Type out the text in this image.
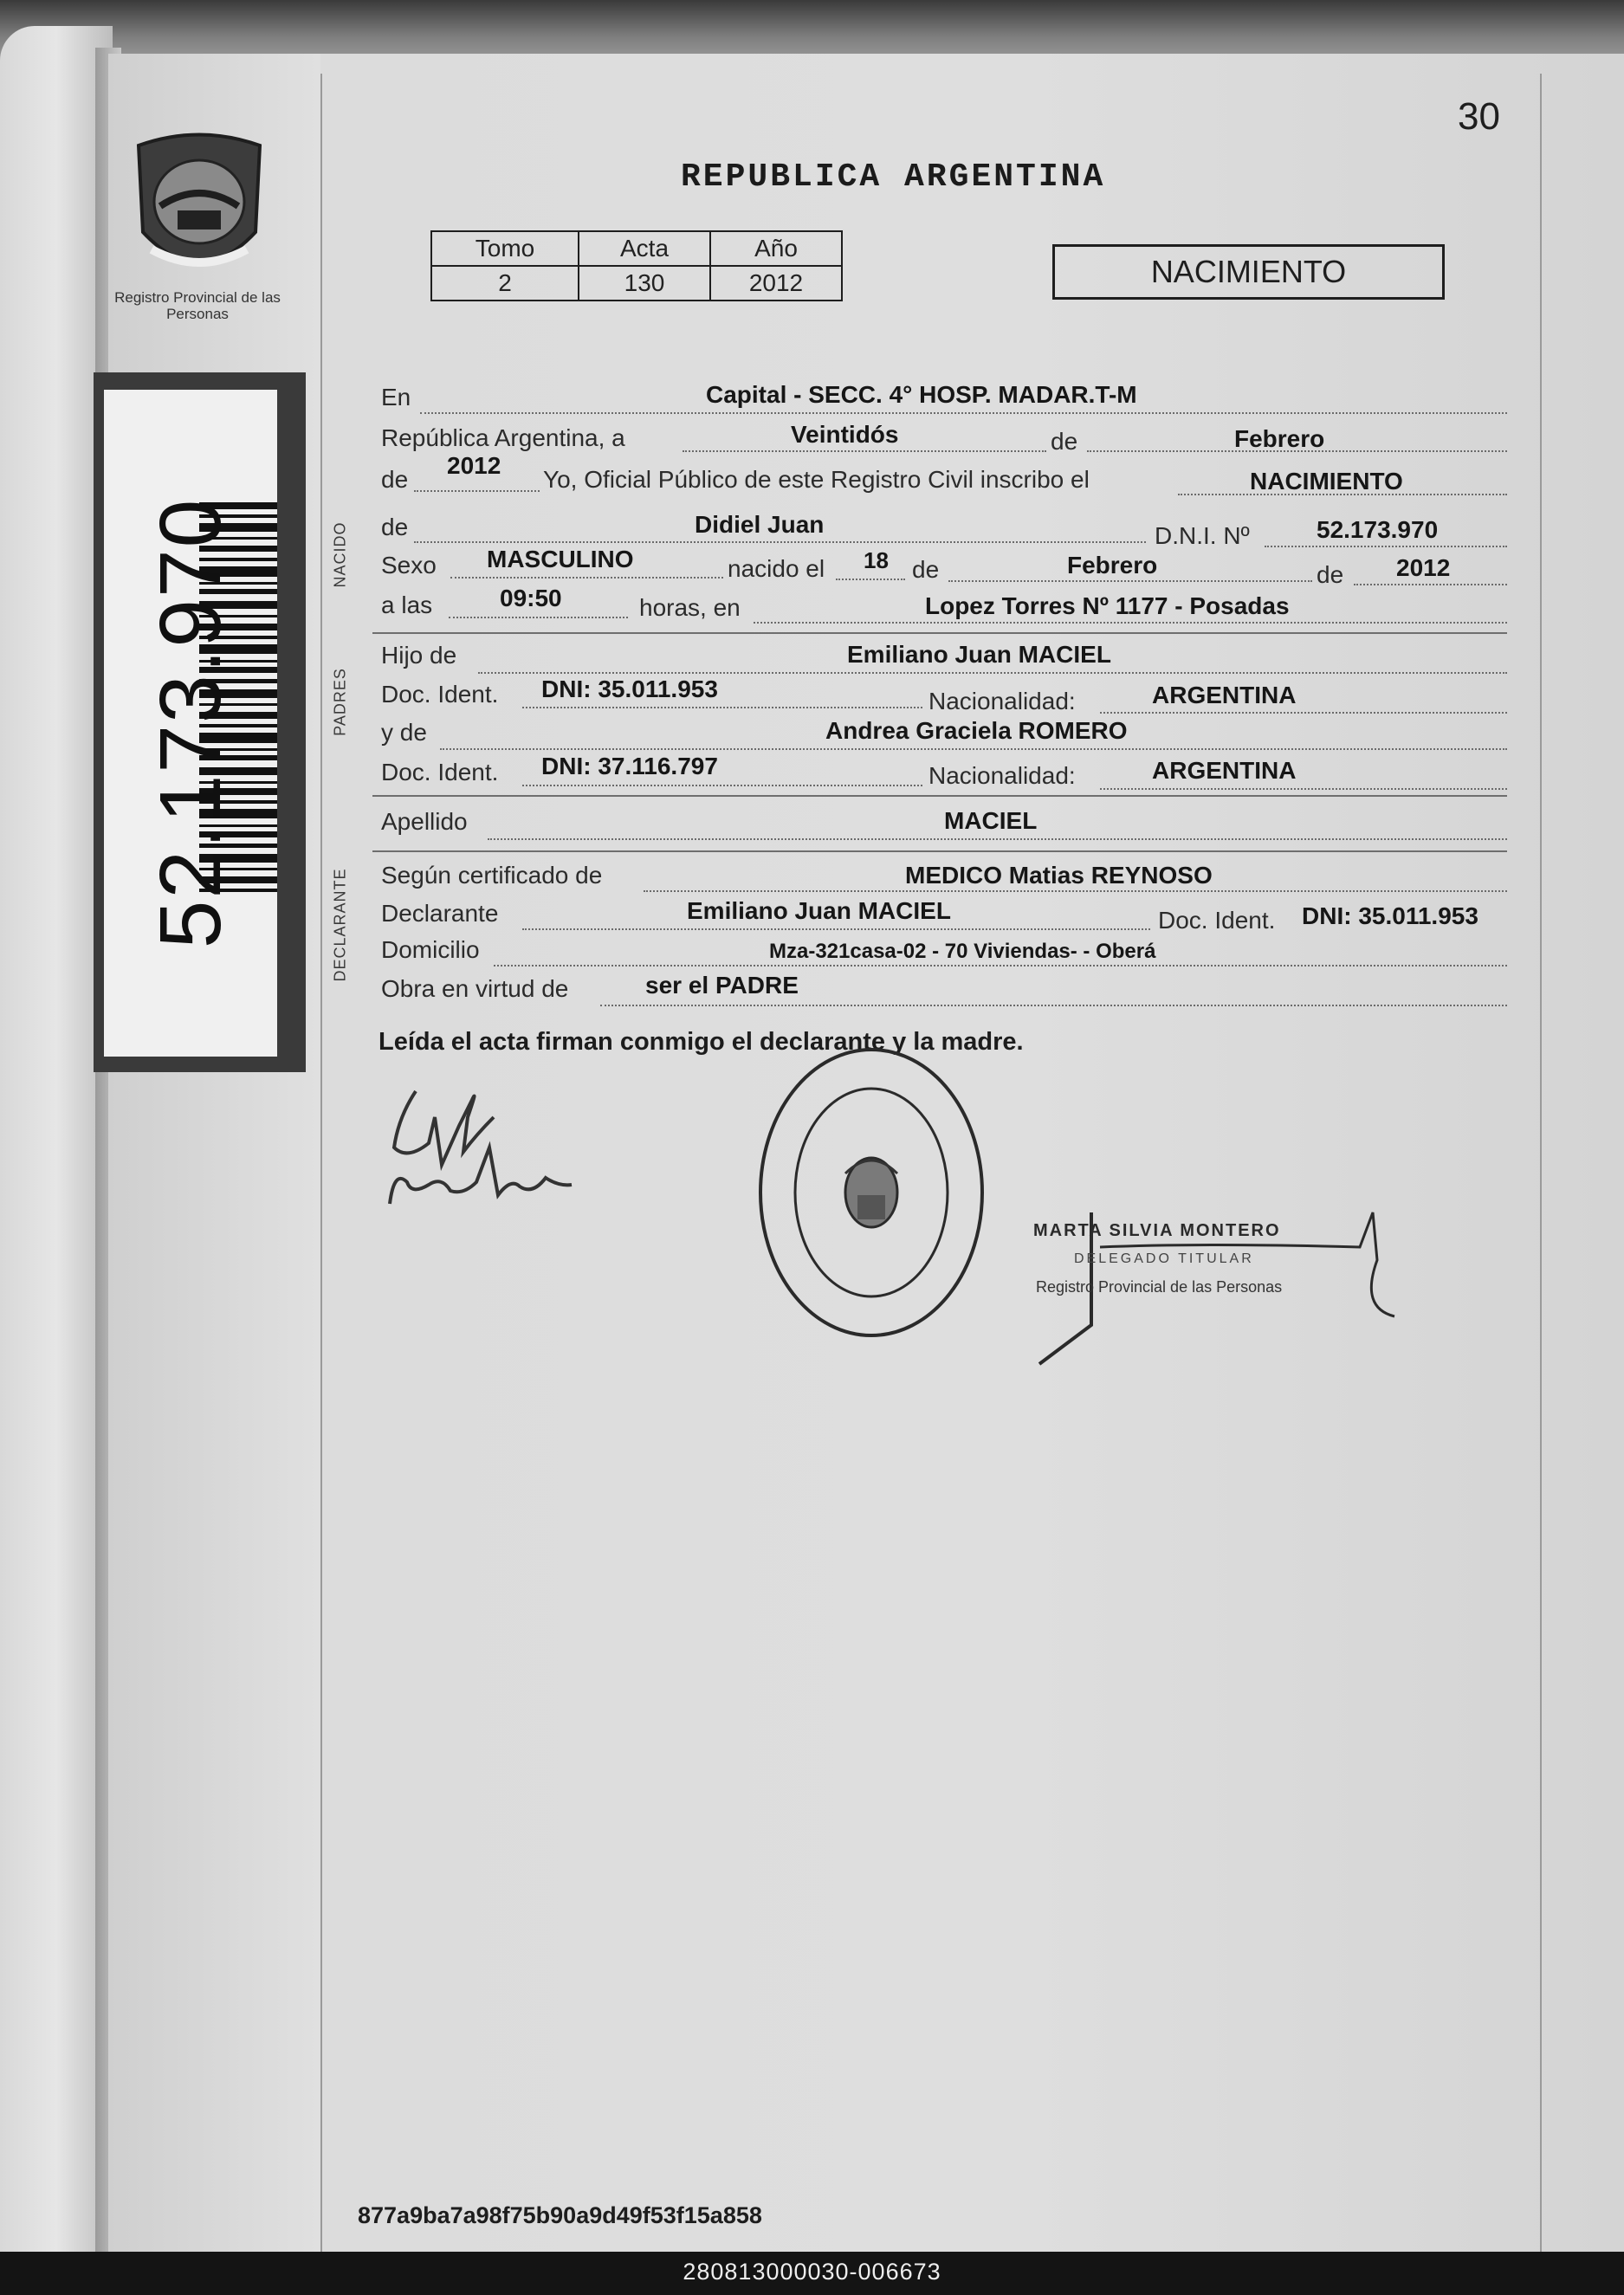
30
REPUBLICA ARGENTINA
Registro Provincial de las Personas
Tomo	Acta	Año
2	130	2012	NACIMIENTO
52.173.970	NACIDO
PADRES
DECLARANTE
En	Capital - SECC. 4° HOSP. MADAR.T-M
República Argentina, a	Veintidós	de	Febrero
de
2012
Yo, Oficial Público de este Registro Civil inscribo el	NACIMIENTO
de	Didiel Juan	D.N.I. Nº	52.173.970
Sexo MASCULINO	nacido el 18 de	Febrero	de 2012
a las	09:50	horas, en	Lopez Torres Nº 1177 - Posadas
Hijo de	Emiliano Juan MACIEL
Doc. Ident. DNI: 35.011.953	Nacionalidad:	ARGENTINA
y de	Andrea Graciela ROMERO
Doc. Ident. DNI: 37.116.797	Nacionalidad:	ARGENTINA
Apellido	MACIEL
Según certificado de	MEDICO Matias REYNOSO
Declarante	Emiliano Juan MACIEL	Doc. Ident. DNI: 35.011.953
Domicilio	Mza-321casa-02 - 70 Viviendas- - Oberá
Obra en virtud de	ser el PADRE
Leída el acta firman conmigo el declarante y la madre.
MARTA SILVIA MONTERO
DELEGADO TITULAR
Registro Provincial de las Personas
877a9ba7a98f75b90a9d49f53f15a858
280813000030-006673
